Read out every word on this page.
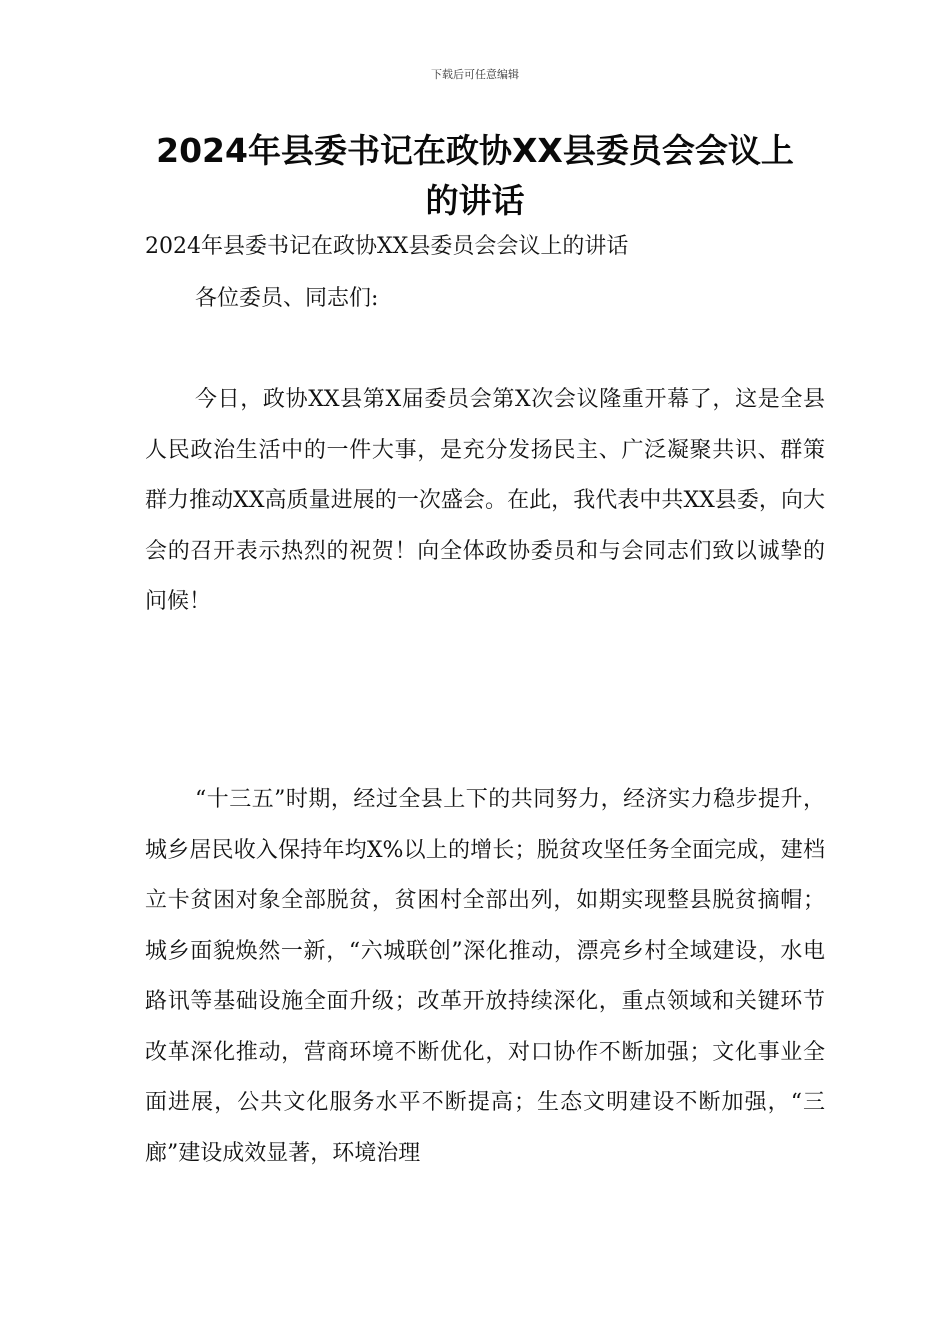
下载后可任意编辑
2024年县委书记在政协XX县委员会会议上的讲话
2024年县委书记在政协XX县委员会会议上的讲话
各位委员、同志们:

今日，政协XX县第X届委员会第X次会议隆重开幕了，这是全县人民政治生活中的一件大事，是充分发扬民主、广泛凝聚共识、群策群力推动XX高质量进展的一次盛会。在此，我代表中共XX县委，向大会的召开表示热烈的祝贺！向全体政协委员和与会同志们致以诚挚的问候！

“十三五”时期，经过全县上下的共同努力，经济实力稳步提升，城乡居民收入保持年均X%以上的增长；脱贫攻坚任务全面完成，建档立卡贫困对象全部脱贫，贫困村全部出列，如期实现整县脱贫摘帽；城乡面貌焕然一新，“六城联创”深化推动，漂亮乡村全域建设，水电路讯等基础设施全面升级；改革开放持续深化，重点领域和关键环节改革深化推动，营商环境不断优化，对口协作不断加强；文化事业全面进展，公共文化服务水平不断提高；生态文明建设不断加强，“三廊”建设成效显著，环境治理
